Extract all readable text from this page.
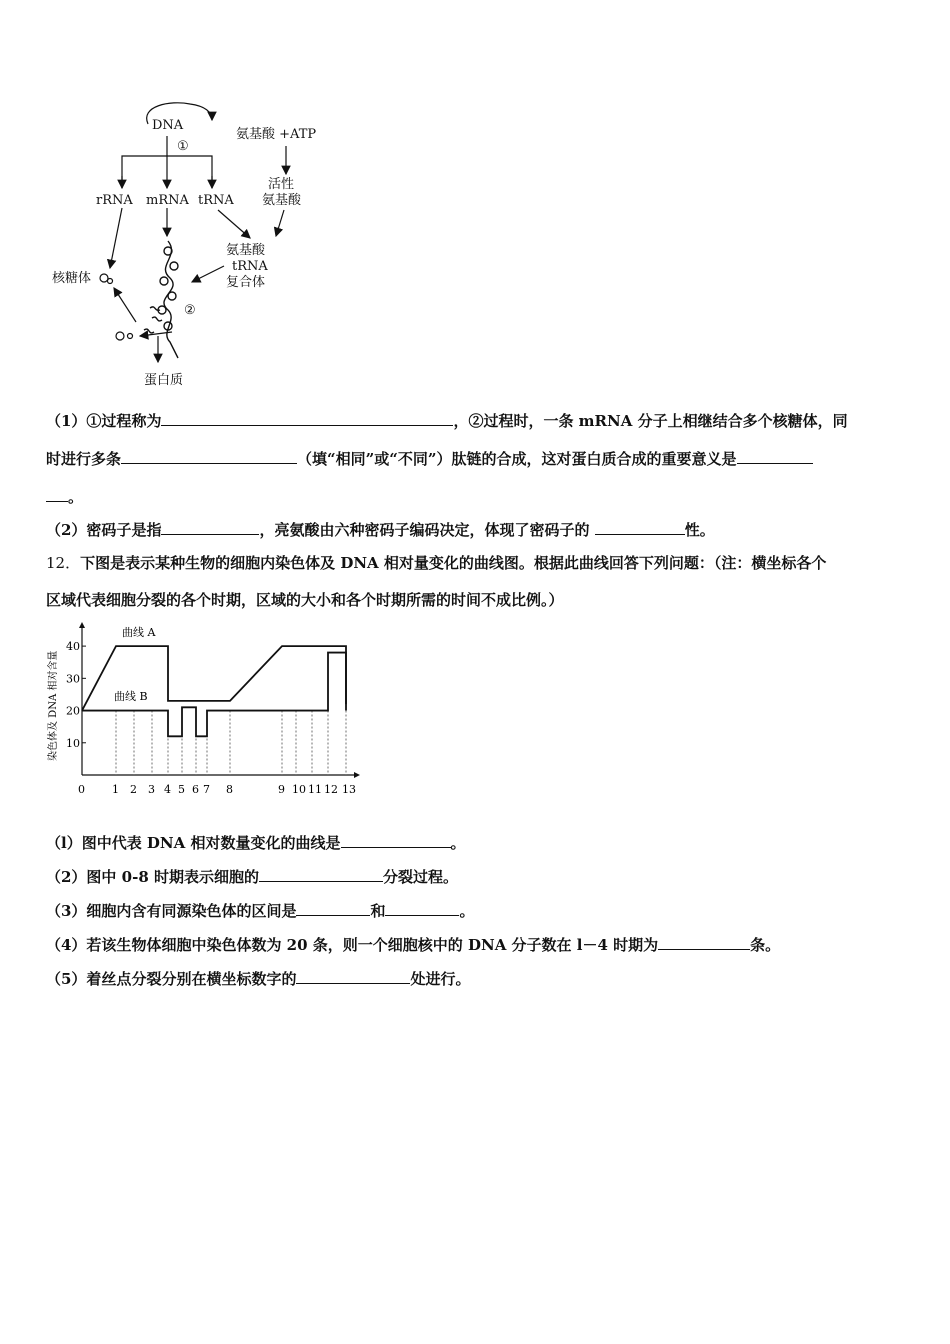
DNA
①
rRNA mRNA tRNA
氨基酸 +ATP
活性
氨基酸
氨基酸
tRNA
复合体
②
核糖体
蛋白质
（1）①过程称为	，②过程时，一条 mRNA 分子上相继结合多个核糖体，同
时进行多条	（填“相同”或“不同”）肽链的合成，这对蛋白质合成的重要意义是
。
（2）密码子是指	，亮氨酸由六种密码子编码决定，体现了密码子的	性。
12．下图是表示某种生物的细胞内染色体及 DNA 相对量变化的曲线图。根据此曲线回答下列问题：（注：横坐标各个
区域代表细胞分裂的各个时期，区域的大小和各个时期所需的时间不成比例。）
10
20
30
40
0 1 2 3 4 5 6 7 8	9 10 11 12 13
染色体及 DNA 相对含量
曲线 A
曲线 B
（l）图中代表 DNA 相对数量变化的曲线是	。
（2）图中 0-8 时期表示细胞的	分裂过程。
（3）细胞内含有同源染色体的区间是	和	。
（4）若该生物体细胞中染色体数为 20 条，则一个细胞核中的 DNA 分子数在 l－4 时期为	条。
（5）着丝点分裂分别在横坐标数字的	处进行。
